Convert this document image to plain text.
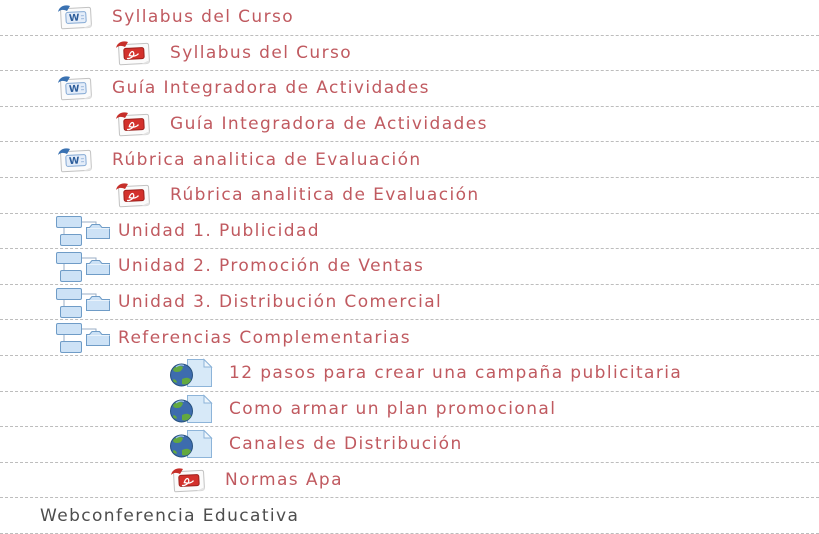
W Syllabus del Curso
Syllabus del Curso
W Guía Integradora de Actividades
Guía Integradora de Actividades
W Rúbrica analitica de Evaluación
Rúbrica analitica de Evaluación
Unidad 1. Publicidad
Unidad 2. Promoción de Ventas
Unidad 3. Distribución Comercial
Referencias Complementarias
12 pasos para crear una campaña publicitaria
Como armar un plan promocional
Canales de Distribución
Normas Apa
Webconferencia Educativa
